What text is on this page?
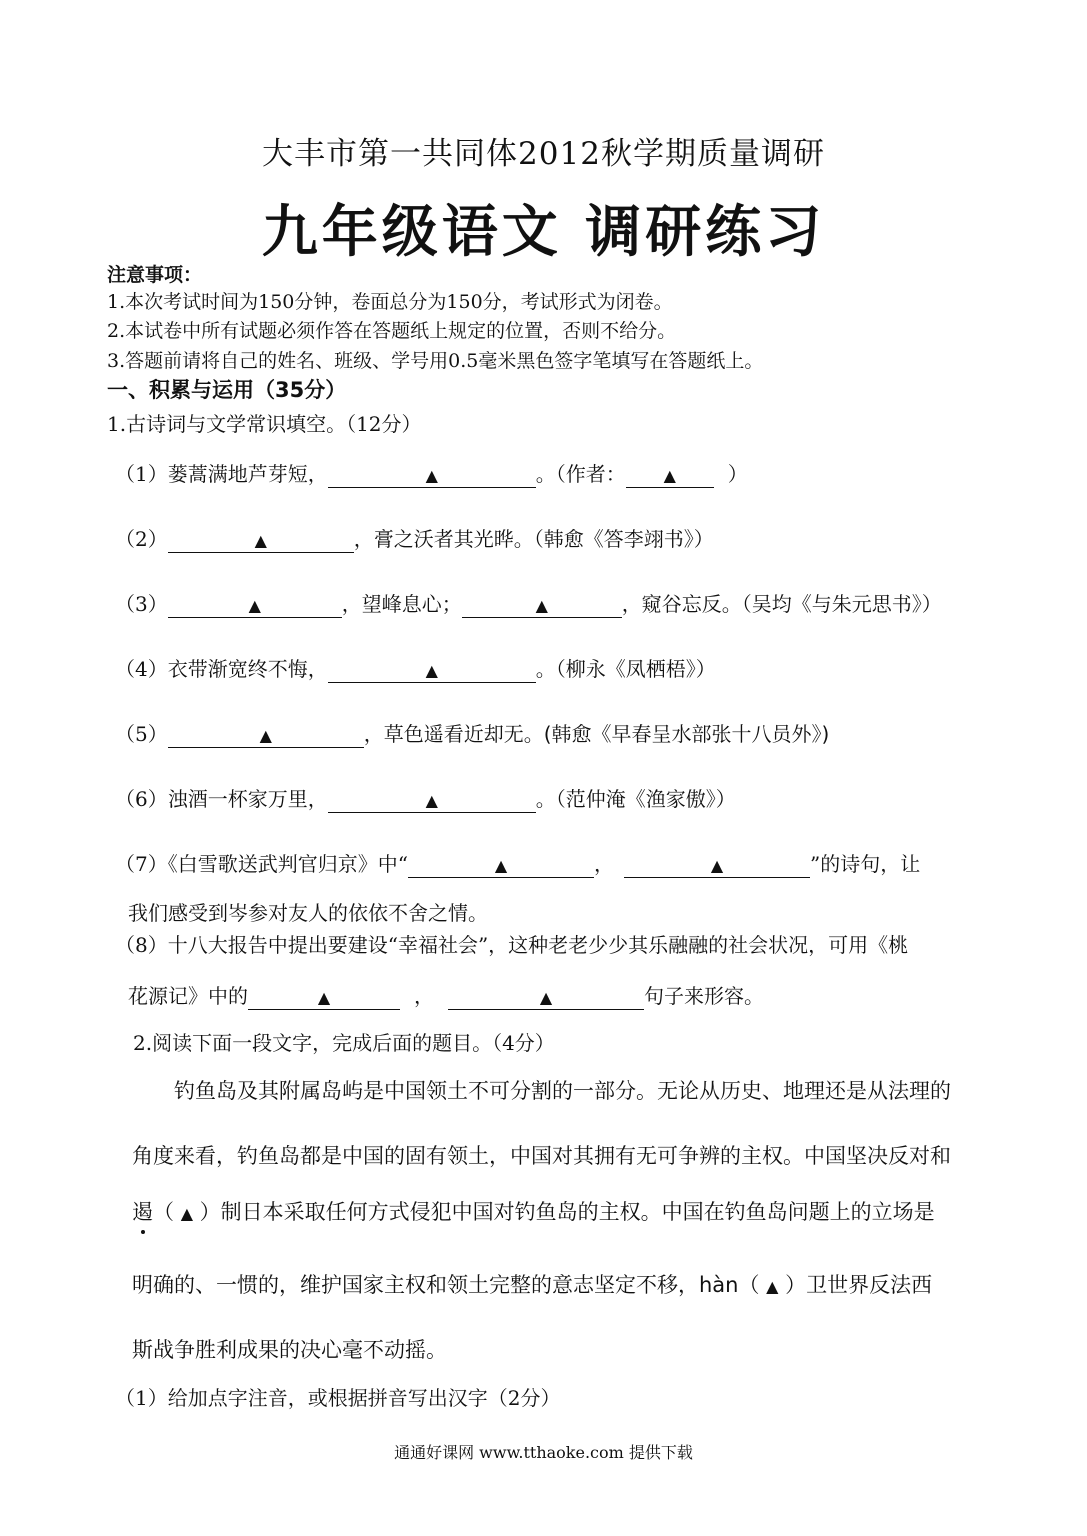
大丰市第一共同体2012秋学期质量调研
九年级语文 调研练习
注意事项：
1.本次考试时间为150分钟，卷面总分为150分，考试形式为闭卷。
2.本试卷中所有试题必须作答在答题纸上规定的位置，否则不给分。
3.答题前请将自己的姓名、班级、学号用0.5毫米黑色签字笔填写在答题纸上。
一、积累与运用（35分）
1.古诗词与文学常识填空。（12分）
（1）蒌蒿满地芦芽短，	▲	。（作者： ▲	）
（2）	▲	，膏之沃者其光晔。（韩愈《答李翊书》）
（3）	▲	，望峰息心；	▲	，窥谷忘反。（吴均《与朱元思书》）
（4）衣带渐宽终不悔，	▲	。（柳永《凤栖梧》）
（5）	▲	，草色遥看近却无。(韩愈《早春呈水部张十八员外》)
（6）浊酒一杯家万里，	▲	。（范仲淹《渔家傲》）
（7）《白雪歌送武判官归京》中“	▲	，	▲	”的诗句，让
我们感受到岑参对友人的依依不舍之情。
（8）十八大报告中提出要建设“幸福社会”，这种老老少少其乐融融的社会状况，可用《桃
花源记》中的	▲	，	▲	句子来形容。
2.阅读下面一段文字，完成后面的题目。（4分）
钓鱼岛及其附属岛屿是中国领土不可分割的一部分。无论从历史、地理还是从法理的
角度来看，钓鱼岛都是中国的固有领土，中国对其拥有无可争辨的主权。中国坚决反对和
遏（ ▲ ）制日本采取任何方式侵犯中国对钓鱼岛的主权。中国在钓鱼岛问题上的立场是
明确的、一惯的，维护国家主权和领土完整的意志坚定不移，hàn（ ▲ ）卫世界反法西
斯战争胜利成果的决心毫不动摇。
（1）给加点字注音，或根据拼音写出汉字（2分）
通通好课网 www.tthaoke.com 提供下载
